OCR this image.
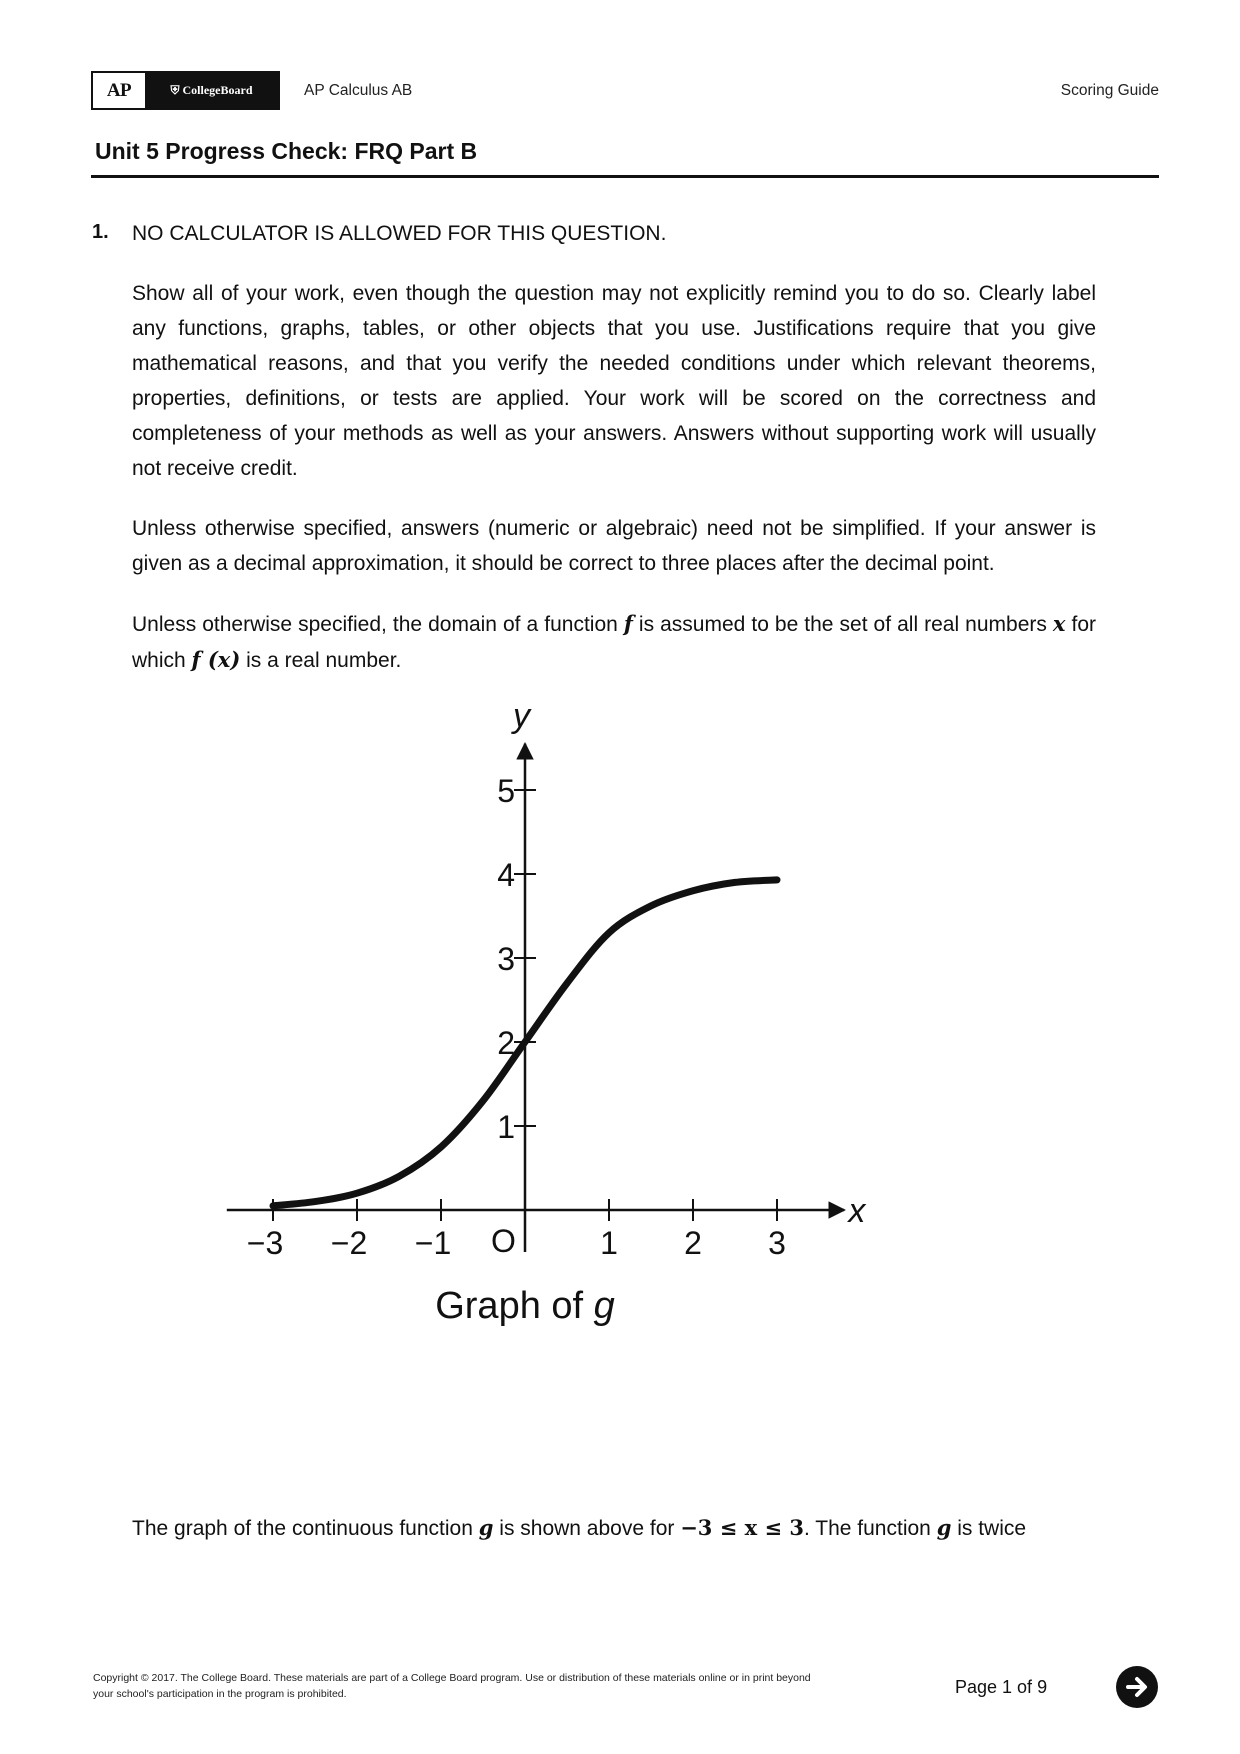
AP	⛨ CollegeBoard	AP Calculus AB	Scoring Guide
Unit 5 Progress Check: FRQ Part B
1. NO CALCULATOR IS ALLOWED FOR THIS QUESTION.

Show all of your work, even though the question may not explicitly remind you to do so. Clearly label any functions, graphs, tables, or other objects that you use. Justifications require that you give mathematical reasons, and that you verify the needed conditions under which relevant theorems, properties, definitions, or tests are applied. Your work will be scored on the correctness and completeness of your methods as well as your answers. Answers without supporting work will usually not receive credit.

Unless otherwise specified, answers (numeric or algebraic) need not be simplified. If your answer is given as a decimal approximation, it should be correct to three places after the decimal point.

Unless otherwise specified, the domain of a function f is assumed to be the set of all real numbers x for which f (x) is a real number.

−3 −2 −1	1 2 3
1
2
3
4
5
x
y
O
Graph of g
The graph of the continuous function g is shown above for −3 ≤ x ≤ 3. The function g is twice
Copyright © 2017. The College Board. These materials are part of a College Board program. Use or distribution of these materials online or in print beyond your school's participation in the program is prohibited.	Page 1 of 9
